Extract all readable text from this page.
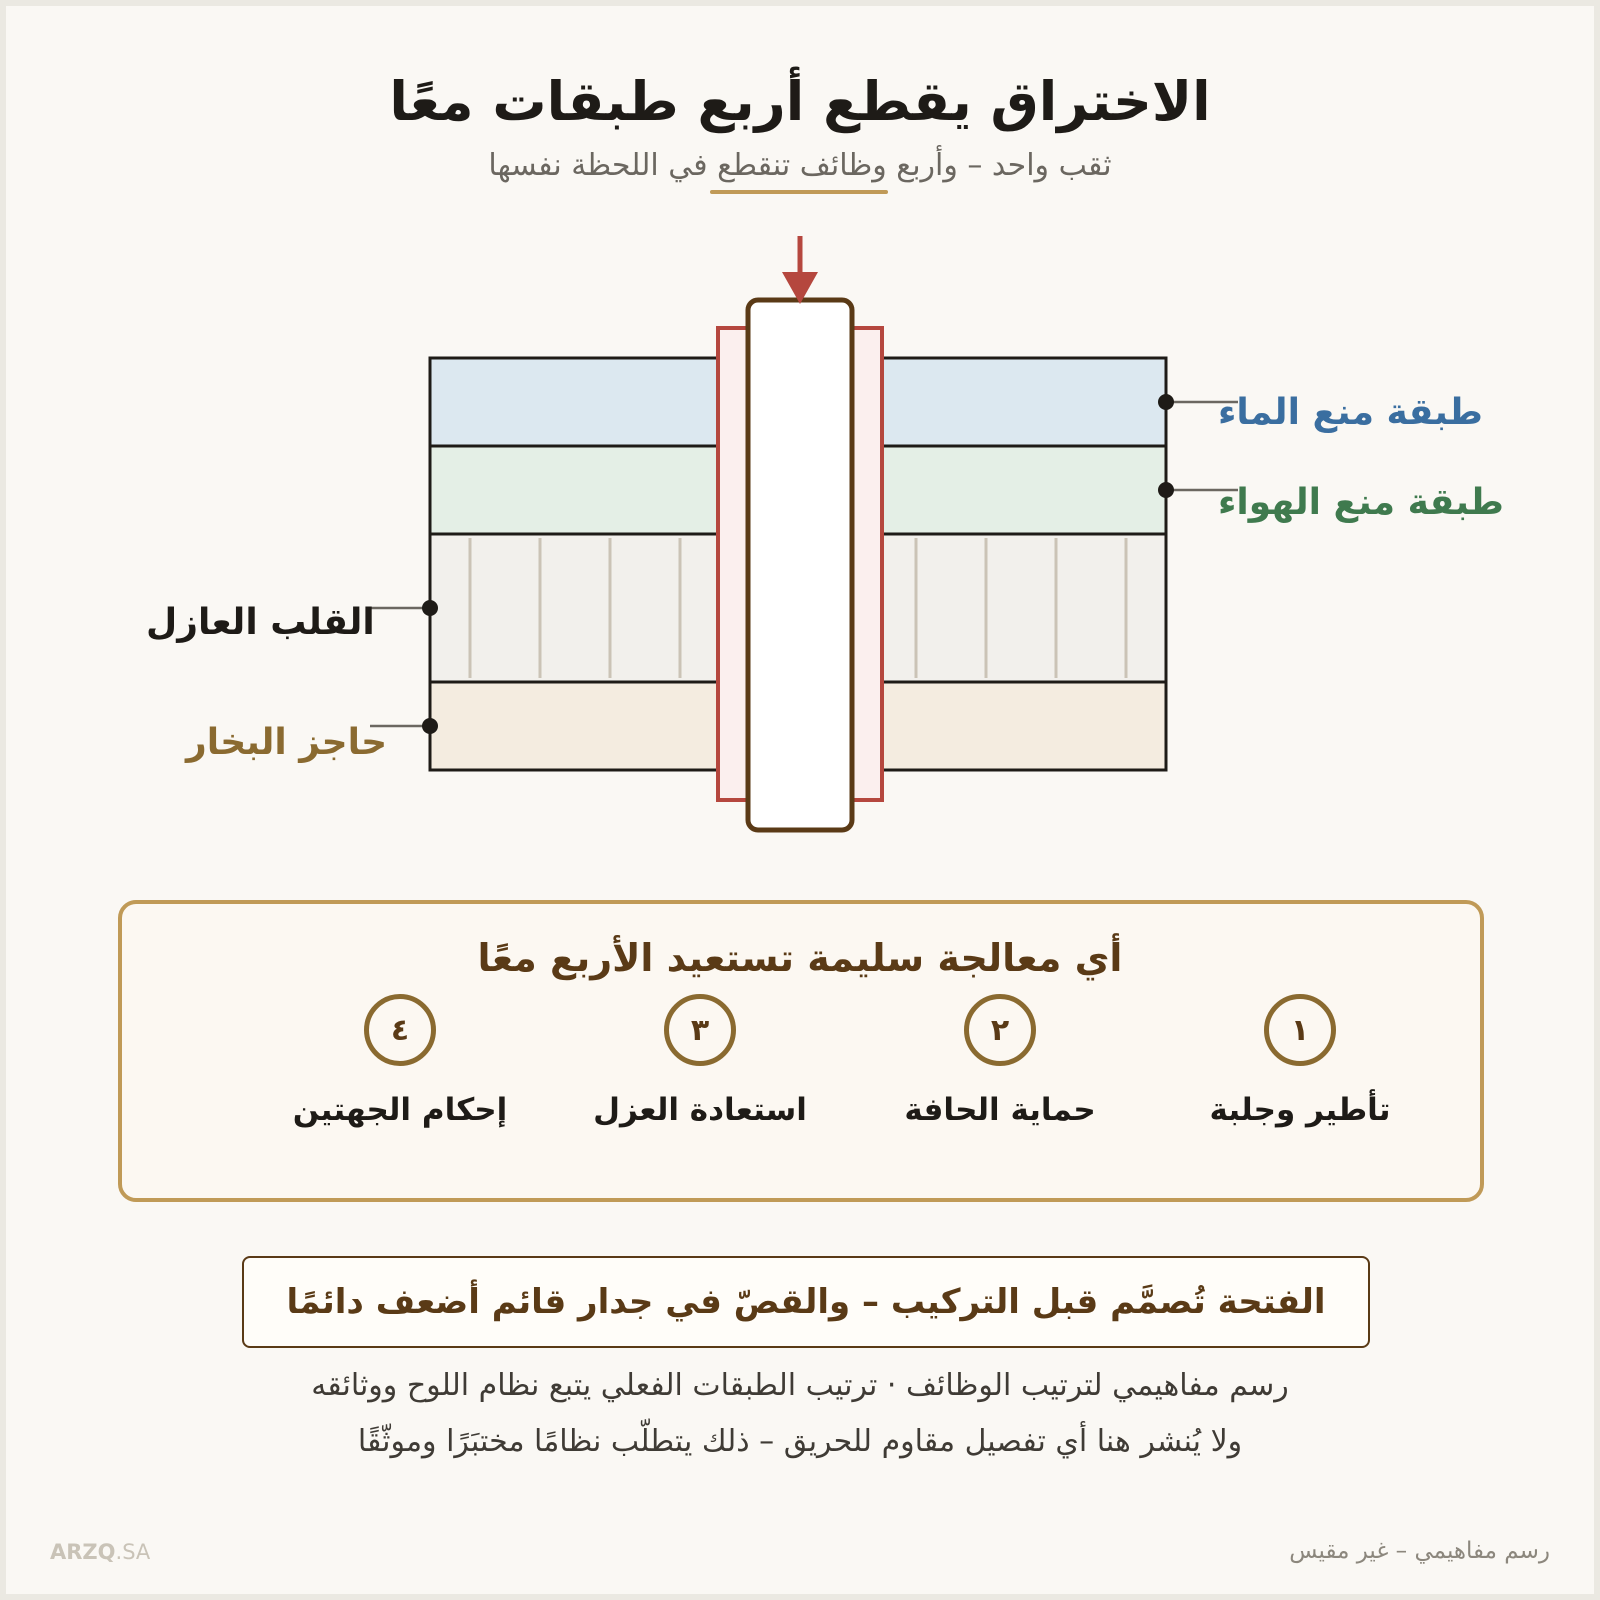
الاختراق يقطع أربع طبقات معًا
ثقب واحد – وأربع وظائف تنقطع في اللحظة نفسها
طبقة منع الماء
طبقة منع الهواء
القلب العازل
حاجز البخار
أي معالجة سليمة تستعيد الأربع معًا
١
٢
٣
٤
تأطير وجلبة
حماية الحافة
استعادة العزل
إحكام الجهتين
الفتحة تُصمَّم قبل التركيب – والقصّ في جدار قائم أضعف دائمًا
رسم مفاهيمي لترتيب الوظائف · ترتيب الطبقات الفعلي يتبع نظام اللوح ووثائقه
ولا يُنشر هنا أي تفصيل مقاوم للحريق – ذلك يتطلّب نظامًا مختبَرًا وموثّقًا
ARZQ.SA	رسم مفاهيمي – غير مقيس
